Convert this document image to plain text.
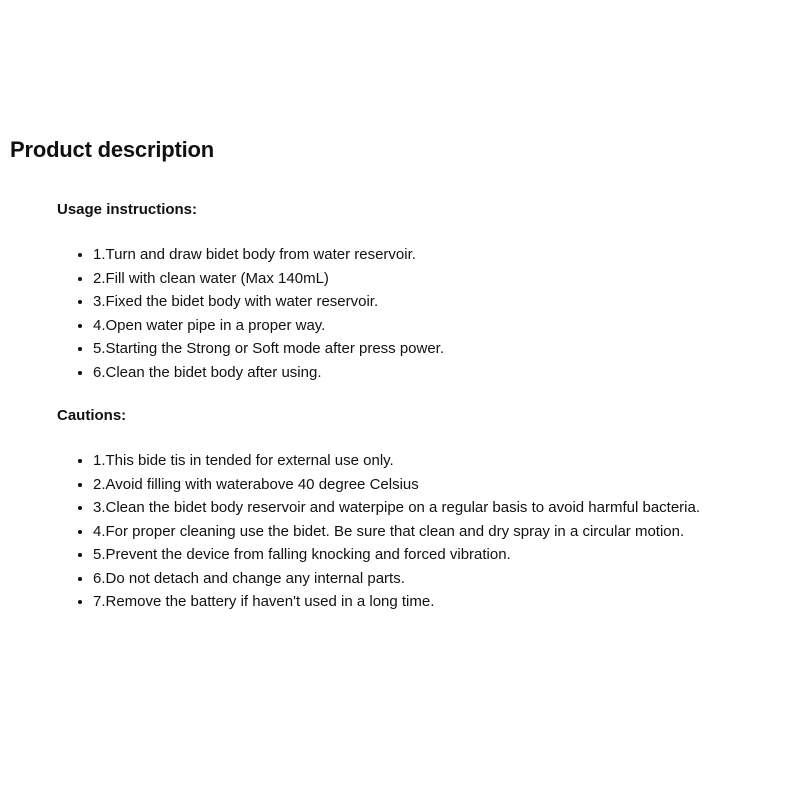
Product description
Usage instructions:
• 1.Turn and draw bidet body from water reservoir.
• 2.Fill with clean water (Max 140mL)
• 3.Fixed the bidet body with water reservoir.
• 4.Open water pipe in a proper way.
• 5.Starting the Strong or Soft mode after press power.
• 6.Clean the bidet body after using.
Cautions:
• 1.This bide tis in tended for external use only.
• 2.Avoid filling with waterabove 40 degree Celsius
• 3.Clean the bidet body reservoir and waterpipe on a regular basis to avoid harmful bacteria.
• 4.For proper cleaning use the bidet. Be sure that clean and dry spray in a circular motion.
• 5.Prevent the device from falling knocking and forced vibration.
• 6.Do not detach and change any internal parts.
• 7.Remove the battery if haven't used in a long time.
